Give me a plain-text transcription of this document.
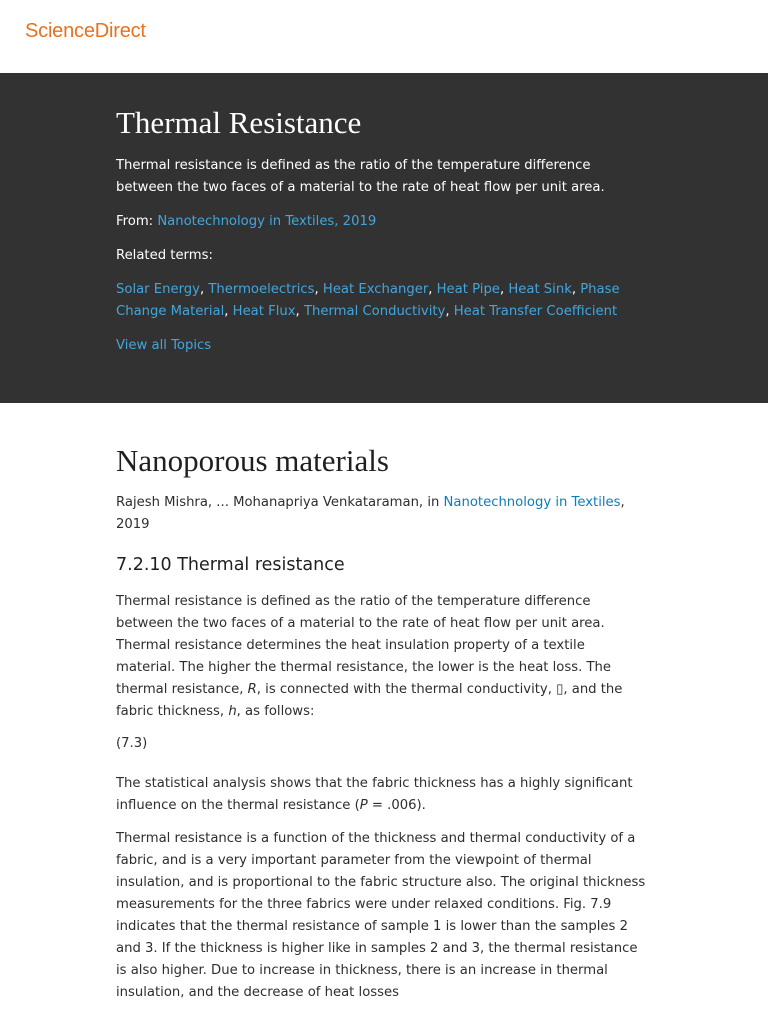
ScienceDirect
Thermal Resistance

Thermal resistance is defined as the ratio of the temperature difference between the two faces of a material to the rate of heat flow per unit area.

From: Nanotechnology in Textiles, 2019

Related terms:

Solar Energy, Thermoelectrics, Heat Exchanger, Heat Pipe, Heat Sink, Phase Change Material, Heat Flux, Thermal Conductivity, Heat Transfer Coefficient

View all Topics

Nanoporous materials

Rajesh Mishra, ... Mohanapriya Venkataraman, in Nanotechnology in Textiles, 2019

7.2.10 Thermal resistance

Thermal resistance is defined as the ratio of the temperature difference between the two faces of a material to the rate of heat flow per unit area. Thermal resistance determines the heat insulation property of a textile material. The higher the thermal resistance, the lower is the heat loss. The thermal resistance, R, is connected with the thermal conductivity, ▯, and the fabric thickness, h, as follows:

(7.3)

The statistical analysis shows that the fabric thickness has a highly significant influence on the thermal resistance (P = .006).

Thermal resistance is a function of the thickness and thermal conductivity of a fabric, and is a very important parameter from the viewpoint of thermal insulation, and is proportional to the fabric structure also. The original thickness measurements for the three fabrics were under relaxed conditions. Fig. 7.9 indicates that the thermal resistance of sample 1 is lower than the samples 2 and 3. If the thickness is higher like in samples 2 and 3, the thermal resistance is also higher. Due to increase in thickness, there is an increase in thermal insulation, and the decrease of heat losses
